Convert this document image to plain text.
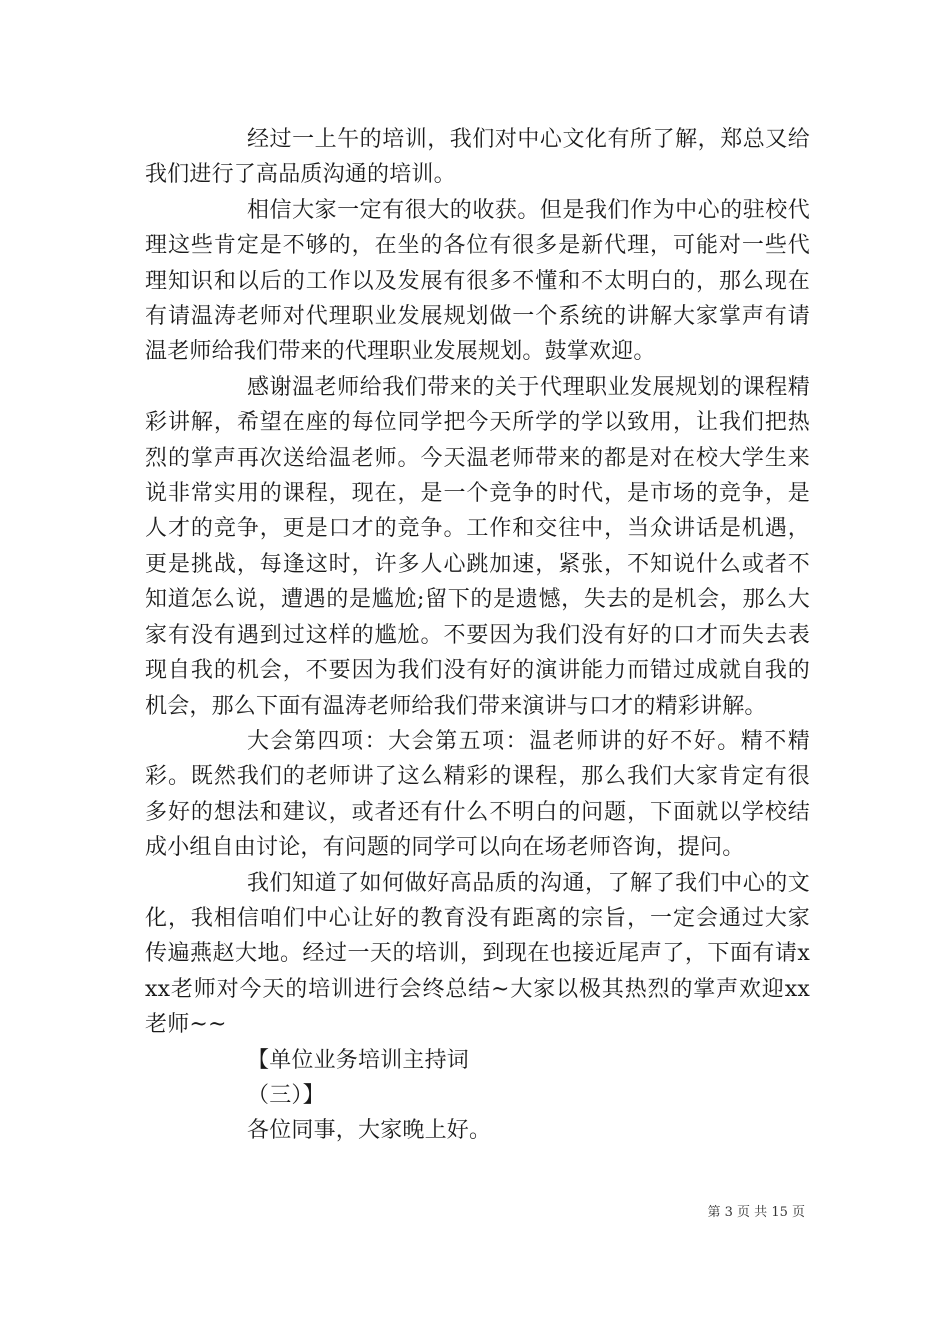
经过一上午的培训，我们对中心文化有所了解，郑总又给我们进行了高品质沟通的培训。

相信大家一定有很大的收获。但是我们作为中心的驻校代理这些肯定是不够的，在坐的各位有很多是新代理，可能对一些代理知识和以后的工作以及发展有很多不懂和不太明白的，那么现在有请温涛老师对代理职业发展规划做一个系统的讲解大家掌声有请温老师给我们带来的代理职业发展规划。鼓掌欢迎。

感谢温老师给我们带来的关于代理职业发展规划的课程精彩讲解，希望在座的每位同学把今天所学的学以致用，让我们把热烈的掌声再次送给温老师。今天温老师带来的都是对在校大学生来说非常实用的课程，现在，是一个竞争的时代，是市场的竞争，是人才的竞争，更是口才的竞争。工作和交往中，当众讲话是机遇，更是挑战，每逢这时，许多人心跳加速，紧张，不知说什么或者不知道怎么说，遭遇的是尴尬;留下的是遗憾，失去的是机会，那么大家有没有遇到过这样的尴尬。不要因为我们没有好的口才而失去表现自我的机会，不要因为我们没有好的演讲能力而错过成就自我的机会，那么下面有温涛老师给我们带来演讲与口才的精彩讲解。

大会第四项：大会第五项：温老师讲的好不好。精不精彩。既然我们的老师讲了这么精彩的课程，那么我们大家肯定有很多好的想法和建议，或者还有什么不明白的问题，下面就以学校结成小组自由讨论，有问题的同学可以向在场老师咨询，提问。

我们知道了如何做好高品质的沟通，了解了我们中心的文化，我相信咱们中心让好的教育没有距离的宗旨，一定会通过大家传遍燕赵大地。经过一天的培训，到现在也接近尾声了，下面有请xxx老师对今天的培训进行会终总结~大家以极其热烈的掌声欢迎xx老师~~

【单位业务培训主持词

（三）】

各位同事，大家晚上好。

第 3 页 共 15 页
